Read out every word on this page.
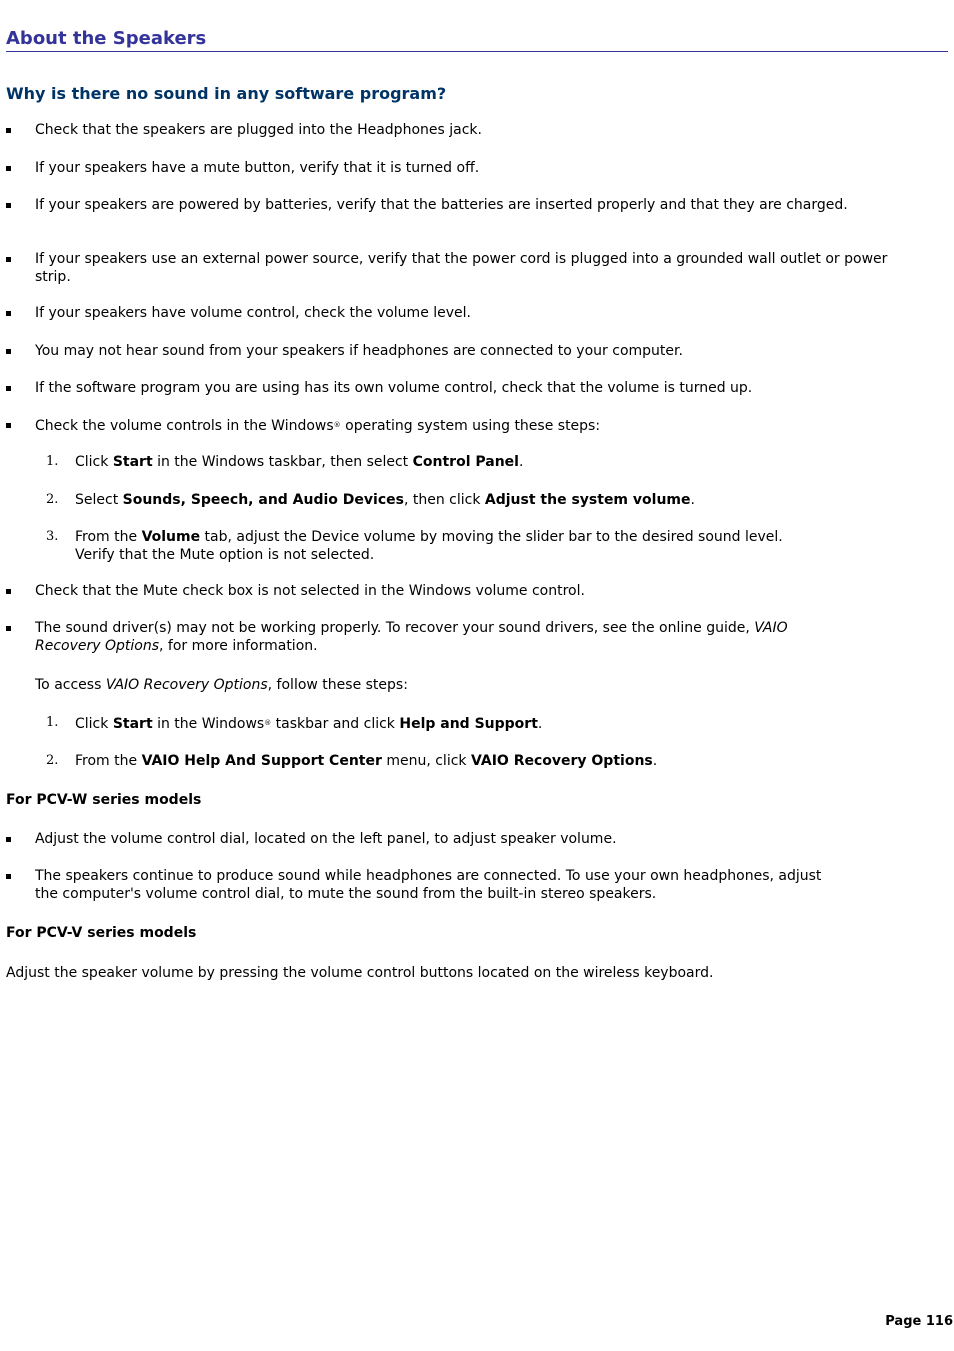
About the Speakers
Why is there no sound in any software program?
Check that the speakers are plugged into the Headphones jack.
If your speakers have a mute button, verify that it is turned off.
If your speakers are powered by batteries, verify that the batteries are inserted properly and that they are charged.
If your speakers use an external power source, verify that the power cord is plugged into a grounded wall outlet or power strip.
If your speakers have volume control, check the volume level.
You may not hear sound from your speakers if headphones are connected to your computer.
If the software program you are using has its own volume control, check that the volume is turned up.
Check the volume controls in the Windows® operating system using these steps:
1.	Click Start in the Windows taskbar, then select Control Panel.
2.	Select Sounds, Speech, and Audio Devices, then click Adjust the system volume.
3.	From the Volume tab, adjust the Device volume by moving the slider bar to the desired sound level.
Verify that the Mute option is not selected.
Check that the Mute check box is not selected in the Windows volume control.
The sound driver(s) may not be working properly. To recover your sound drivers, see the online guide, VAIO
Recovery Options, for more information.
To access VAIO Recovery Options, follow these steps:
1.	Click Start in the Windows® taskbar and click Help and Support.
2.	From the VAIO Help And Support Center menu, click VAIO Recovery Options.
For PCV-W series models
Adjust the volume control dial, located on the left panel, to adjust speaker volume.
The speakers continue to produce sound while headphones are connected. To use your own headphones, adjust
the computer's volume control dial, to mute the sound from the built-in stereo speakers.
For PCV-V series models
Adjust the speaker volume by pressing the volume control buttons located on the wireless keyboard.
Page 116
